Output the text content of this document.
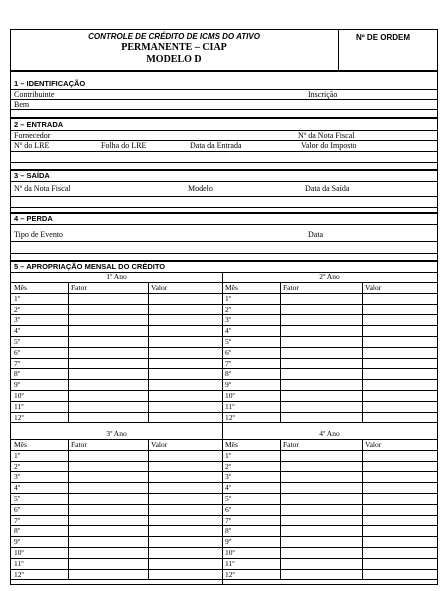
CONTROLE DE CRÉDITO DE ICMS DO ATIVO
PERMANENTE – CIAP
MODELO D
Nº DE ORDEM
1 – IDENTIFICAÇÃO
Contribuinte	Inscrição
Bem
2 – ENTRADA
Fornecedor	Nº da Nota Fiscal
Nº do LRE	Folha do LRE	Data da Entrada	Valor do Imposto
3 – SAÍDA
Nº da Nota Fiscal	Modelo	Data da Saída
4 – PERDA
Tipo de Evento	Data
5 – APROPRIAÇÃO MENSAL DO CRÉDITO
1º Ano
Mês	Fator	Valor
1º
2º
3º
4º
5º
6º
7º
8º
9º
10º
11º
12º
2º Ano
Mês	Fator	Valor
1º
2º
3º
4º
5º
6º
7º
8º
9º
10º
11º
12º
3º Ano
Mês	Fator	Valor
1º
2º
3º
4º
5º
6º
7º
8º
9º
10º
11º
12º
4º Ano
Mês	Fator	Valor
1º
2º
3º
4º
5º
6º
7º
8º
9º
10º
11º
12º
